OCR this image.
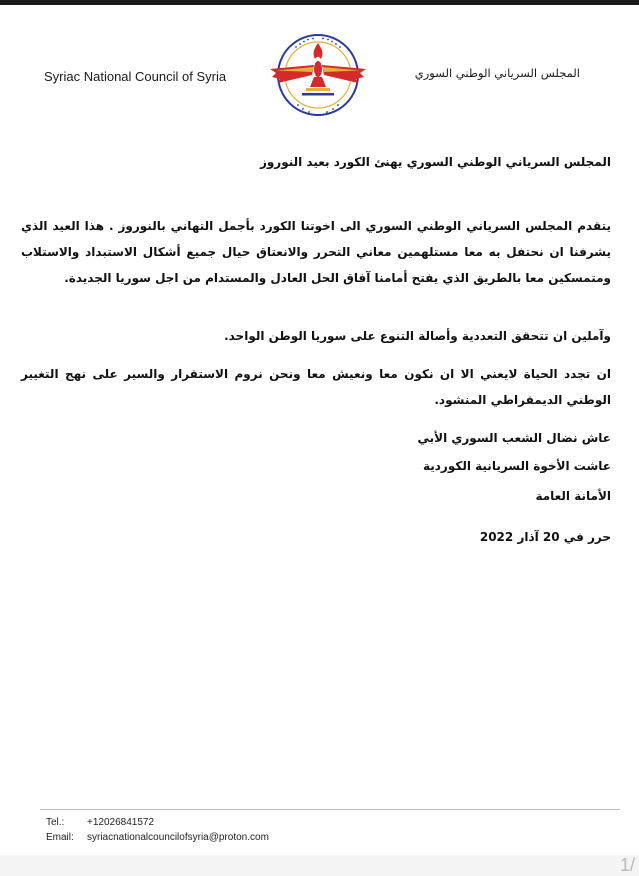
Syriac National Council of Syria	المجلس السرياني الوطني السوري
المجلس السرياني الوطني السوري يهنئ الكورد بعيد النوروز
يتقدم المجلس السرياني الوطني السوري الى اخوتنا الكورد بأجمل التهاني بالنوروز . هذا العيد الذي يشرفنا ان نحتفل به معا مستلهمين معاني التحرر والانعتاق حيال جميع أشكال الاستبداد والاستلاب ومتمسكين معا بالطريق الذي يفتح أمامنا آفاق الحل العادل والمستدام من اجل سوريا الجديدة.
وآملين ان تتحقق التعددية وأصالة التنوع على سوريا الوطن الواحد.
ان تجدد الحياة لايعني الا ان نكون معا ونعيش معا ونحن نروم الاستقرار والسير على نهج التغيير الوطني الديمقراطي المنشود.
عاش نضال الشعب السوري الأبي
عاشت الأخوة السريانية الكوردية
الأمانة العامة
حرر في 20 آذار 2022
Tel.: +12026841572
Email: syriacnationalcouncilofsyria@proton.com
1/
